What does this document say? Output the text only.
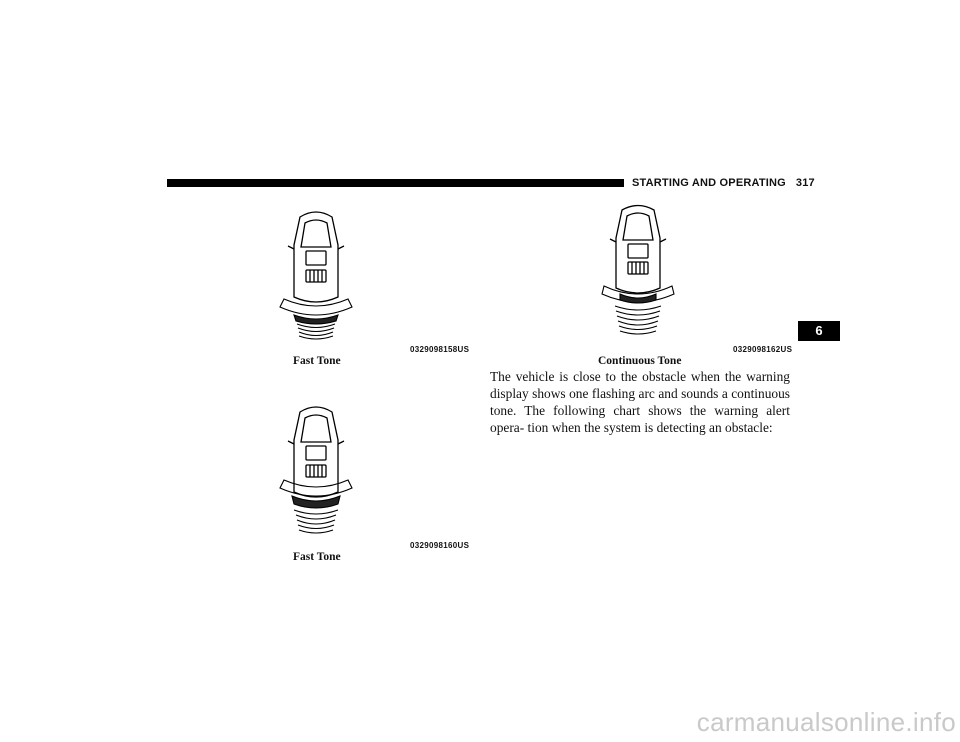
STARTING AND OPERATING 317
6
0329098158US
Fast Tone
0329098160US
Fast Tone
0329098162US
Continuous Tone
The vehicle is close to the obstacle when the warning display shows one flashing arc and sounds a continuous tone. The following chart shows the warning alert opera- tion when the system is detecting an obstacle:
carmanualsonline.info
